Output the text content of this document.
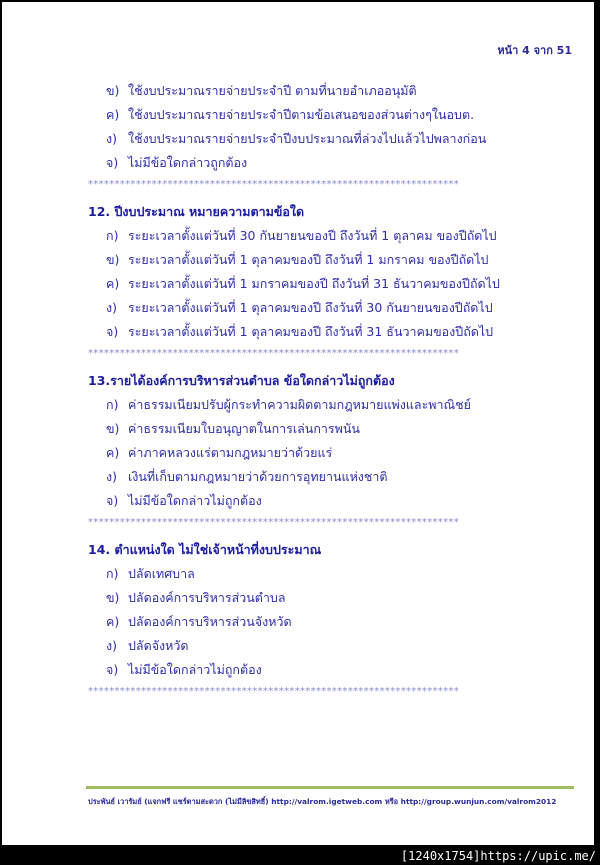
หน้า 4 จาก 51
ข) ใช้งบประมาณรายจ่ายประจำปี ตามที่นายอำเภออนุมัติ
ค) ใช้งบประมาณรายจ่ายประจำปีตามข้อเสนอของส่วนต่างๆในอบต.
ง) ใช้งบประมาณรายจ่ายประจำปีงบประมาณที่ล่วงไปแล้วไปพลางก่อน
จ) ไม่มีข้อใดกล่าวถูกต้อง
**********************************************************************
12. ปีงบประมาณ หมายความตามข้อใด
ก) ระยะเวลาตั้งแต่วันที่ 30 กันยายนของปี ถึงวันที่ 1 ตุลาคม ของปีถัดไป
ข) ระยะเวลาตั้งแต่วันที่ 1 ตุลาคมของปี ถึงวันที่ 1 มกราคม ของปีถัดไป
ค) ระยะเวลาตั้งแต่วันที่ 1 มกราคมของปี ถึงวันที่ 31 ธันวาคมของปีถัดไป
ง) ระยะเวลาตั้งแต่วันที่ 1 ตุลาคมของปี ถึงวันที่ 30 กันยายนของปีถัดไป
จ) ระยะเวลาตั้งแต่วันที่ 1 ตุลาคมของปี ถึงวันที่ 31 ธันวาคมของปีถัดไป
**********************************************************************
13.รายได้องค์การบริหารส่วนตำบล ข้อใดกล่าวไม่ถูกต้อง
ก) ค่าธรรมเนียมปรับผู้กระทำความผิดตามกฎหมายแพ่งและพาณิชย์
ข) ค่าธรรมเนียมใบอนุญาตในการเล่นการพนัน
ค) ค่าภาคหลวงแร่ตามกฎหมายว่าด้วยแร่
ง) เงินที่เก็บตามกฎหมายว่าด้วยการอุทยานแห่งชาติ
จ) ไม่มีข้อใดกล่าวไม่ถูกต้อง
**********************************************************************
14. ตำแหน่งใด ไม่ใช่เจ้าหน้าที่งบประมาณ
ก) ปลัดเทศบาล
ข) ปลัดองค์การบริหารส่วนตำบล
ค) ปลัดองค์การบริหารส่วนจังหวัด
ง) ปลัดจังหวัด
จ) ไม่มีข้อใดกล่าวไม่ถูกต้อง
**********************************************************************
ประพันธ์ เวารัมย์ (แจกฟรี แชร์ตามสะดวก (ไม่มีลิขสิทธิ์) http://valrom.igetweb.com หรือ http://group.wunjun.com/valrom2012
[1240x1754]https://upic.me/
